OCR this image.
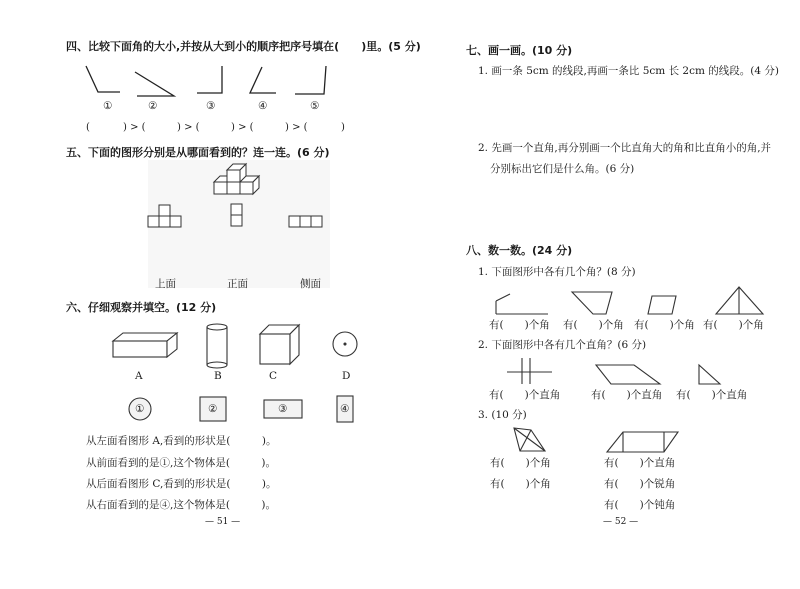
四、比较下面角的大小,并按从大到小的顺序把序号填在(　　)里。(5 分)
①	②	③	④	⑤
(	) > (	) > (	) > (	) > (	)
五、下面的图形分别是从哪面看到的？连一连。(6 分)
上面	正面	侧面
六、仔细观察并填空。(12 分)
A	B	C	D
①	②	③	④
从左面看图形 A,看到的形状是(　　　)。
从前面看到的是①,这个物体是(　　　)。
从后面看图形 C,看到的形状是(　　　)。
从右面看到的是④,这个物体是(　　　)。
— 51 —
七、画一画。(10 分)
1. 画一条 5cm 的线段,再画一条比 5cm 长 2cm 的线段。(4 分)
2. 先画一个直角,再分别画一个比直角大的角和比直角小的角,并
分别标出它们是什么角。(6 分)
八、数一数。(24 分)
1. 下面图形中各有几个角？(8 分)
有(　　)个角 有(　　)个角 有(　　)个角 有(　　)个角
2. 下面图形中各有几个直角？(6 分)
有(　　)个直角	有(　　)个直角 有(　　)个直角
3. (10 分)
有(　　)个角
有(　　)个角
有(　　)个直角
有(　　)个锐角
有(　　)个钝角
— 52 —
